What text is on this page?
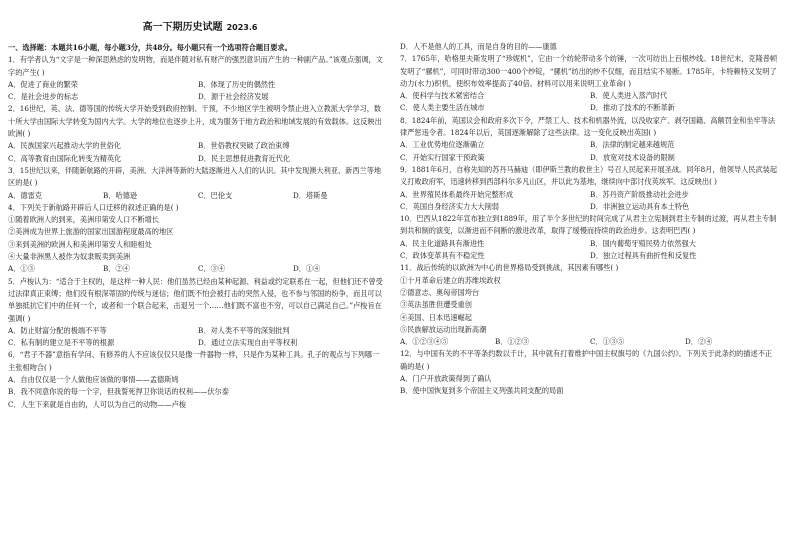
高一下期历史试题 2023.6
一、选择题：本题共16小题，每小题3分，共48分。每小题只有一个选项符合题目要求。
1．有学者认为“文字是一种深思熟虑的发明物，而是伴随对私有财产的强烈意识而产生的一种副产品。”该观点强调，文字的产生( )
A．促进了商业的繁荣	B．体现了历史的偶然性
C．是社会进步的标志	D．源于社会经济发展
2．16世纪，英、法、德等国的传统大学开始受到政府控制、干预，不少地区学生被明令禁止进入立教派大学学习，数十所大学由国际大学转变为国内大学。大学的地位也逐步上升，成为服务于地方政治和地域发展的有效载体。这反映出欧洲( )
A．民族国家兴起推动大学的世俗化	B．世俗教权突破了政治束缚
C．高等教育由国际化转变为精英化	D．民主思想促进教育近代化
3．15世纪以来，伴随新航路的开辟，美洲、大洋洲等新的大陆逐渐进入人们的认识。其中发现澳大利亚、新西兰等地区的是( )
A．德雷克	B．哈德逊	C．巴伦支	D．塔斯曼
4．下列关于新航路开辟后人口迁移的叙述正确的是( )
①随着欧洲人的到来，美洲印第安人口不断增长
②美洲成为世界上旅游的国家出国游程度最高的地区
③来到美洲的欧洲人和美洲印第安人和睦相处
④大量非洲黑人被作为奴隶贩卖到美洲
A．①③	B．②④	C．③④	D．①④
5．卢梭认为：“适合于主权的，是这样一种人民：他们虽然已经由某种起源、利益或约定联系在一起，但他们还不曾受过法律真正束缚；他们没有根深蒂固的传统与迷信；他们既不怕会被打击的突然入侵，也不参与邻国的纷争，而且可以单独抵抗它们中的任何一个，或者和一个联合起来，击退另一个……他们既不富也不穷，可以自己满足自己。”卢梭旨在强调( )
A．防止财富分配的极端不平等	B．对人类不平等的深刻批判
C．私有制的建立是不平等的根源	D．通过立法实现自由平等权利
6．“君子不器”意指有学问、有修养的人不应该仅仅只是像一件器物一样，只是作为某种工具。孔子的观点与下列哪一主张相吻合( )
A．自由仅仅是一个人做他应该做的事情——孟德斯鸠
B．我不同意你说的每一个字，但我誓死捍卫你说话的权利——伏尔泰
C．人生下来就是自由的，人可以为自己的动物——卢梭
D．人不是他人的工具，而是自身的目的——康德
7．1765年，哈格里夫斯发明了“珍妮机”，它由一个纺轮带动多个纺锤，一次可纺出上百根纱线。18世纪末，克隆普顿发明了“骡机”，可同时带动300一400个纱锭，“骡机”纺出的纱不仅细，而且结实不易断。1785年，卡特赖特又发明了动力(水力)织机，使织布效率提高了40倍。材料可以用来说明工业革命( )
A．使科学与技术紧密结合	B．使人类进入蒸汽时代
C．使人类主要生活在城市	D．推动了技术的不断革新
8．1824年前，英国议会和政府多次下令，严禁工人、技术和机器外流，以没收家产、剥夺国籍、高额罚金和坐牢等法律严惩违令者。1824年以后，英国逐渐解除了这些法律。这一变化反映出英国( )
A．工业优势地位逐渐确立	B．法律的制定越来越规范
C．开始实行国家干预政策	D．放宽对技术设备的限制
9．1881年6月，自称先知的苏丹马赫迪（即伊斯兰教的救世主）号召人民起来开展圣战。同年8月，他领导人民武装起义打败政府军，迅速转移到西部科尔多凡山区，并以此为基地，继续向中部讨伐英埃军。这反映出( )
A．世界殖民体系最终开始完整形成	B．苏丹资产阶级推动社会进步
C．英国自身经济实力大大削弱	D．非洲独立运动具有本土特色
10．巴西从1822年宣布独立到1889年，用了半个多世纪的时间完成了从君主立宪制到君主专制的过渡，再从君主专制到共和制的演变，以渐进而不间断的激进改革，取得了缓慢而持续的政治进步。这表明巴西( )
A．民主化道路具有渐进性	B．国内葡萄牙殖民势力依然强大
C．政体变革具有不稳定性	D．独立过程具有曲折性和反复性
11．战后传统的以欧洲为中心的世界格局受到挑战，其因素有哪些( )
①十月革命后建立的苏维埃政权
②德意志、奥匈帝国垮台
③英法虽胜但遭受重创
④美国、日本迅速崛起
⑤民族解放运动出现新高潮
A．①②③④⑤	B．①②③	C．①③⑤	D．②④
12．与中国有关的不平等条约数以千计，其中就有打着维护中国主权旗号的《九国公约》。下列关于此条约的描述不正确的是( )
A．门户开放政策得到了确认
B．使中国恢复到多个帝国主义列强共同支配的局面
